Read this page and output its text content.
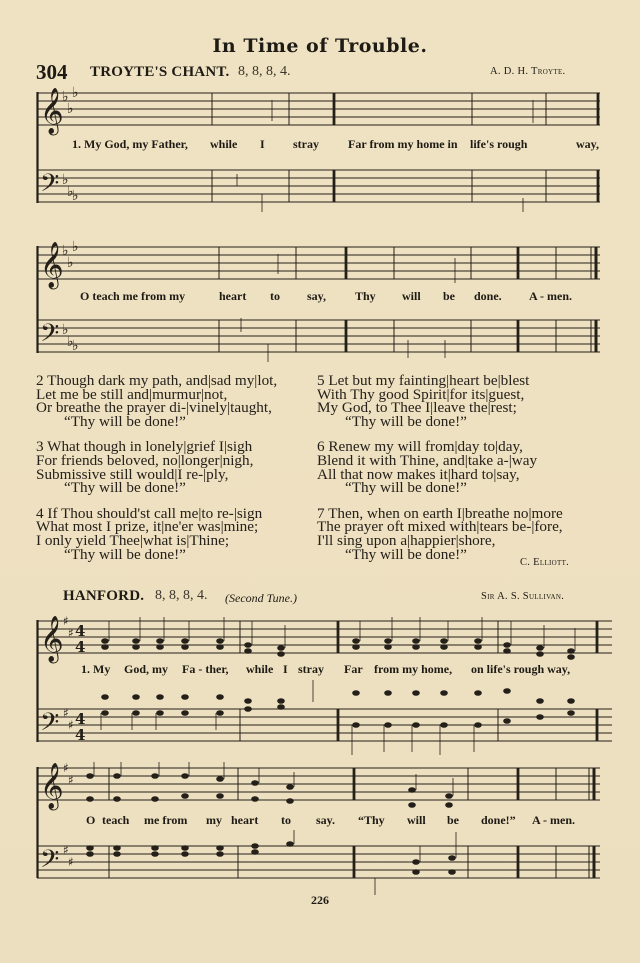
In Time of Trouble.
304 TROYTE'S CHANT. 8, 8, 8, 4.	A. D. H. Troyte.
𝄞
𝄢
♭
♭
♭
♭
♭
♭
𝄞
𝄢
♭
♭
♭
♭
♭
♭
𝄞
𝄢
♯
♯
♯
♯
4
4
4
4
𝄞
𝄢
♯
♯
♯
♯
1. My God, my Father, while I stray Far from my home in life's rough	way,
O teach me from my	heart to say, Thy will be done. A - men.
2 Though dark my path, and|sad my|lot,
Let me be still and|murmur|not,
Or breathe the prayer di-|vinely|taught,
“Thy will be done!”
3 What though in lonely|grief I|sigh
For friends beloved, no|longer|nigh,
Submissive still would|I re-|ply,
“Thy will be done!”
4 If Thou should'st call me|to re-|sign
What most I prize, it|ne'er was|mine;
I only yield Thee|what is|Thine;
“Thy will be done!”
5 Let but my fainting|heart be|blest
With Thy good Spirit|for its|guest,
My God, to Thee I|leave the|rest;
“Thy will be done!”
6 Renew my will from|day to|day,
Blend it with Thine, and|take a-|way
All that now makes it|hard to|say,
“Thy will be done!”
7 Then, when on earth I|breathe no|more
The prayer oft mixed with|tears be-|fore,
I'll sing upon a|happier|shore,
“Thy will be done!”	C. Elliott.
HANFORD. 8, 8, 8, 4. (Second Tune.)	Sir A. S. Sullivan.
1. My God, my Fa - ther, while I stray Far from my home, on life's rough way,
O teach me from my heart to say. “Thy will be done!” A - men.
226
